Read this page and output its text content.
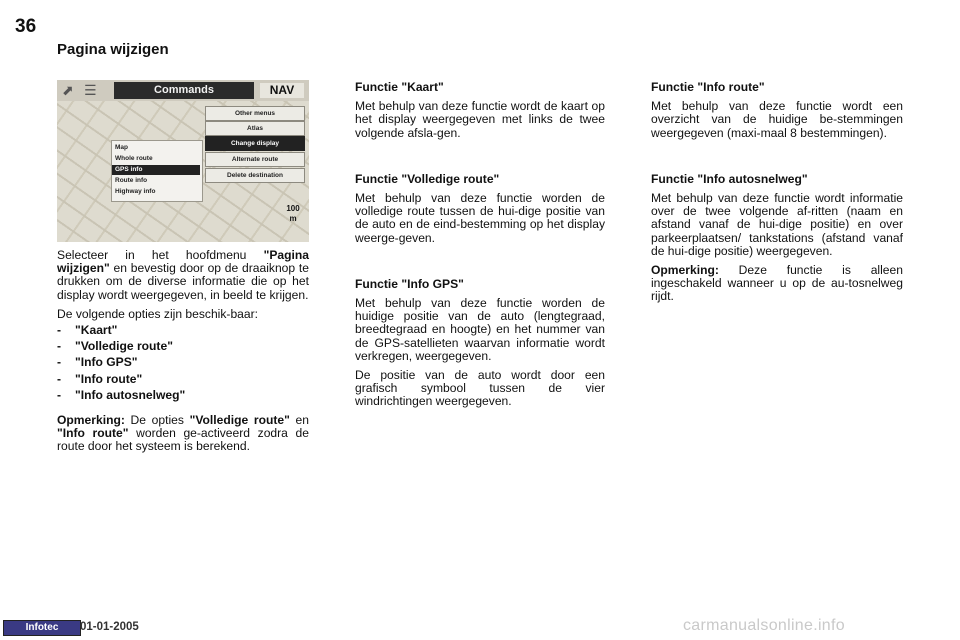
36
Pagina wijzigen
⬈ ☰	Commands	NAV
Other menus
Atlas
Change display
Alternate route
Delete destination
Map
Whole route
GPS info
Route info
Highway info
100
m

Selecteer in het hoofdmenu "Pagina wijzigen" en bevestig door op de draaiknop te drukken om de diverse informatie die op het display wordt weergegeven, in beeld te krijgen.

De volgende opties zijn beschik-baar:

- "Kaart"

- "Volledige route"

- "Info GPS"

- "Info route"

- "Info autosnelweg"

Opmerking: De opties "Volledige route" en "Info route" worden ge-activeerd zodra de route door het systeem is berekend.

Functie "Kaart"

Met behulp van deze functie wordt de kaart op het display weergegeven met links de twee volgende afsla-gen.

Functie "Volledige route"

Met behulp van deze functie worden de volledige route tussen de hui-dige positie van de auto en de eind-bestemming op het display weerge-geven.

Functie "Info GPS"

Met behulp van deze functie worden de huidige positie van de auto (lengtegraad, breedtegraad en hoogte) en het nummer van de GPS-satellieten waarvan informatie wordt verkregen, weergegeven.

De positie van de auto wordt door een grafisch symbool tussen de vier windrichtingen weergegeven.

Functie "Info route"

Met behulp van deze functie wordt een overzicht van de huidige be-stemmingen weergegeven (maxi-maal 8 bestemmingen).

Functie "Info autosnelweg"

Met behulp van deze functie wordt informatie over de twee volgende af-ritten (naam en afstand vanaf de hui-dige positie) en over parkeerplaatsen/ tankstations (afstand vanaf de hui-dige positie) weergegeven.

Opmerking: Deze functie is alleen ingeschakeld wanneer u op de au-tosnelweg rijdt.

Infotec	01-01-2005	carmanualsonline.info
